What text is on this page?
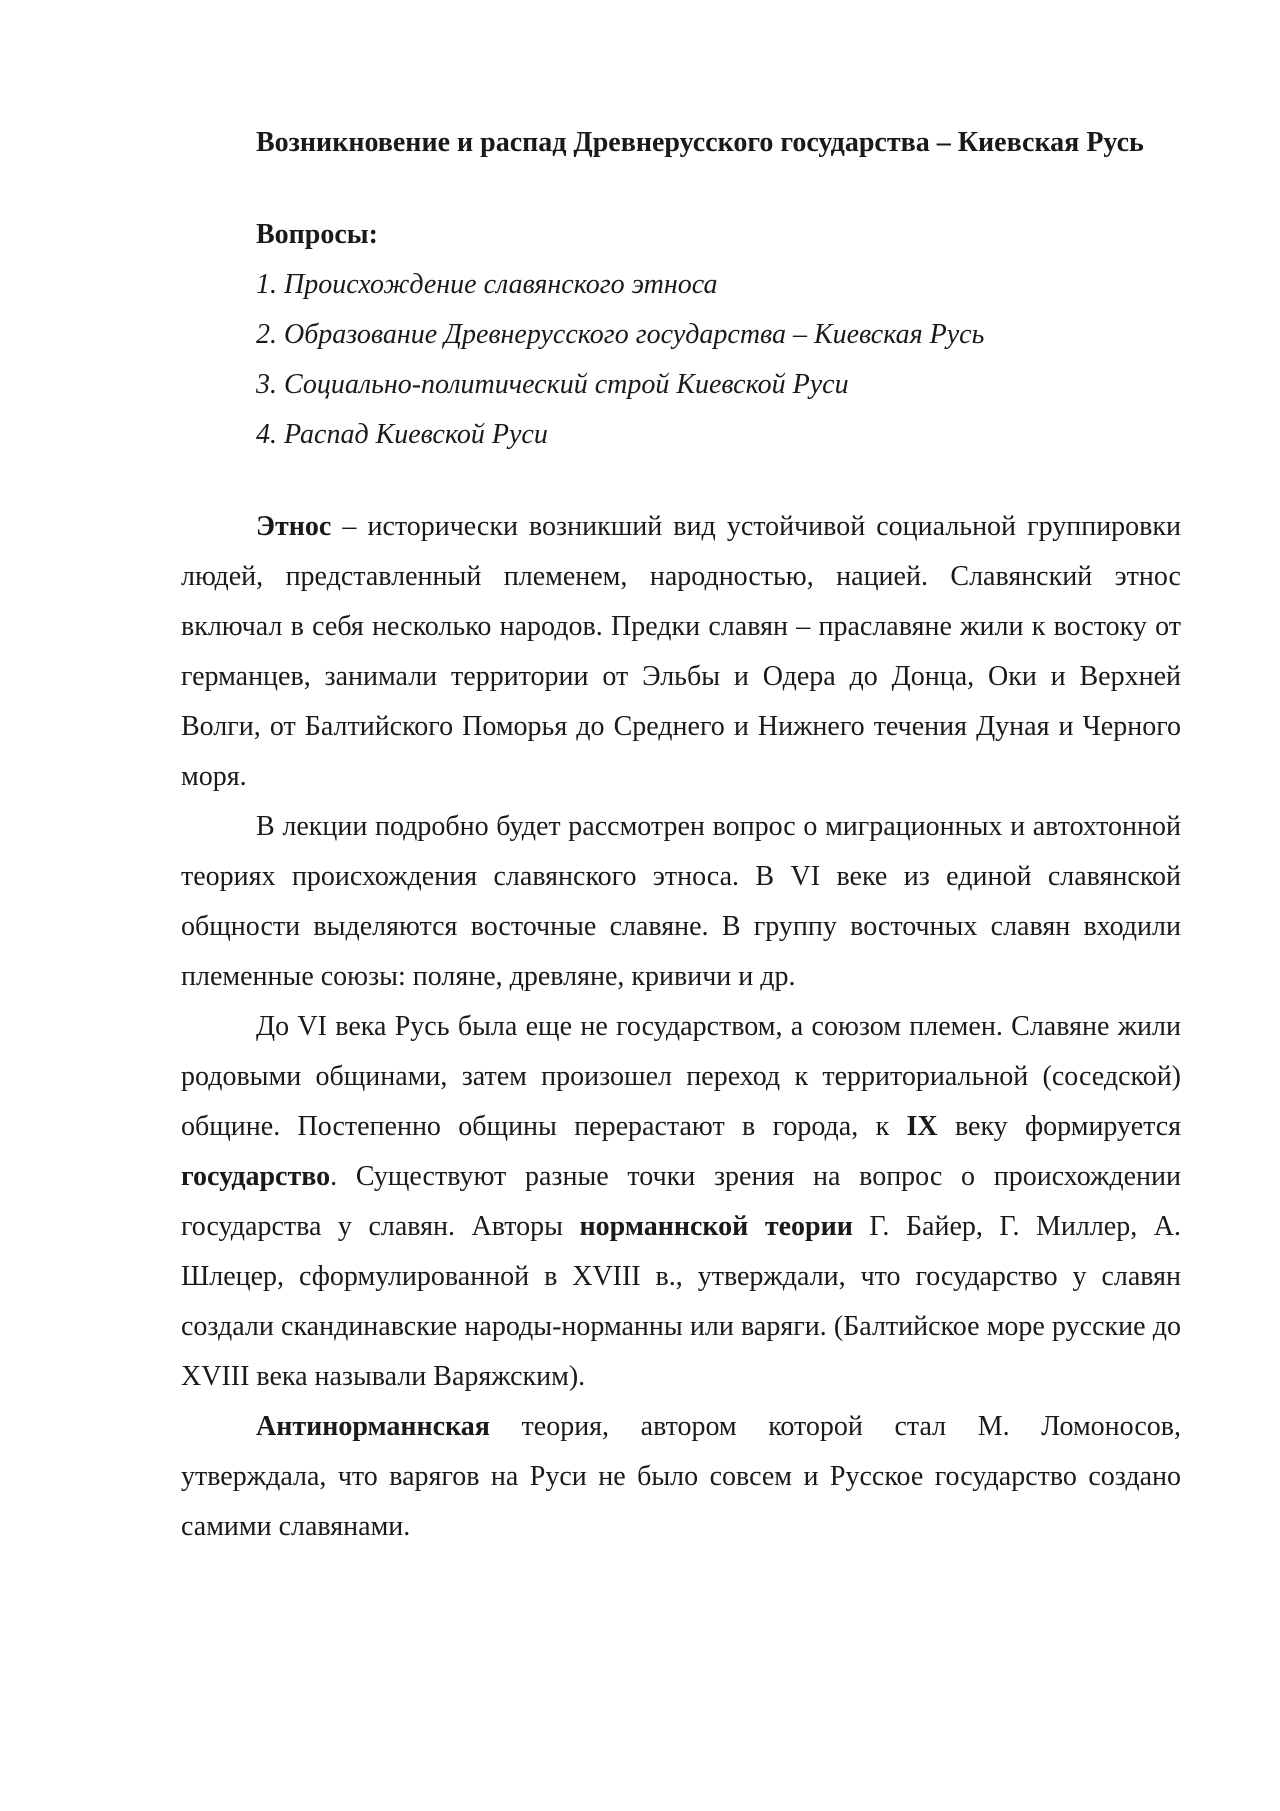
Возникновение и распад Древнерусского государства – Киевская Русь

Вопросы:

1. Происхождение славянского этноса
2. Образование Древнерусского государства – Киевская Русь
3. Социально-политический строй Киевской Руси
4. Распад Киевской Руси

Этнос – исторически возникший вид устойчивой социальной группировки людей, представленный племенем, народностью, нацией. Славянский этнос включал в себя несколько народов. Предки славян – праславяне жили к востоку от германцев, занимали территории от Эльбы и Одера до Донца, Оки и Верхней Волги, от Балтийского Поморья до Среднего и Нижнего течения Дуная и Черного моря.

В лекции подробно будет рассмотрен вопрос о миграционных и автохтонной теориях происхождения славянского этноса. В VI веке из единой славянской общности выделяются восточные славяне. В группу восточных славян входили племенные союзы: поляне, древляне, кривичи и др.

До VI века Русь была еще не государством, а союзом племен. Славяне жили родовыми общинами, затем произошел переход к территориальной (соседской) общине. Постепенно общины перерастают в города, к IX веку формируется государство. Существуют разные точки зрения на вопрос о происхождении государства у славян. Авторы норманнской теории Г. Байер, Г. Миллер, А. Шлецер, сформулированной в XVIII в., утверждали, что государство у славян создали скандинавские народы-норманны или варяги. (Балтийское море русские до XVIII века называли Варяжским).

Антинорманнская теория, автором которой стал М. Ломоносов, утверждала, что варягов на Руси не было совсем и Русское государство создано самими славянами.
